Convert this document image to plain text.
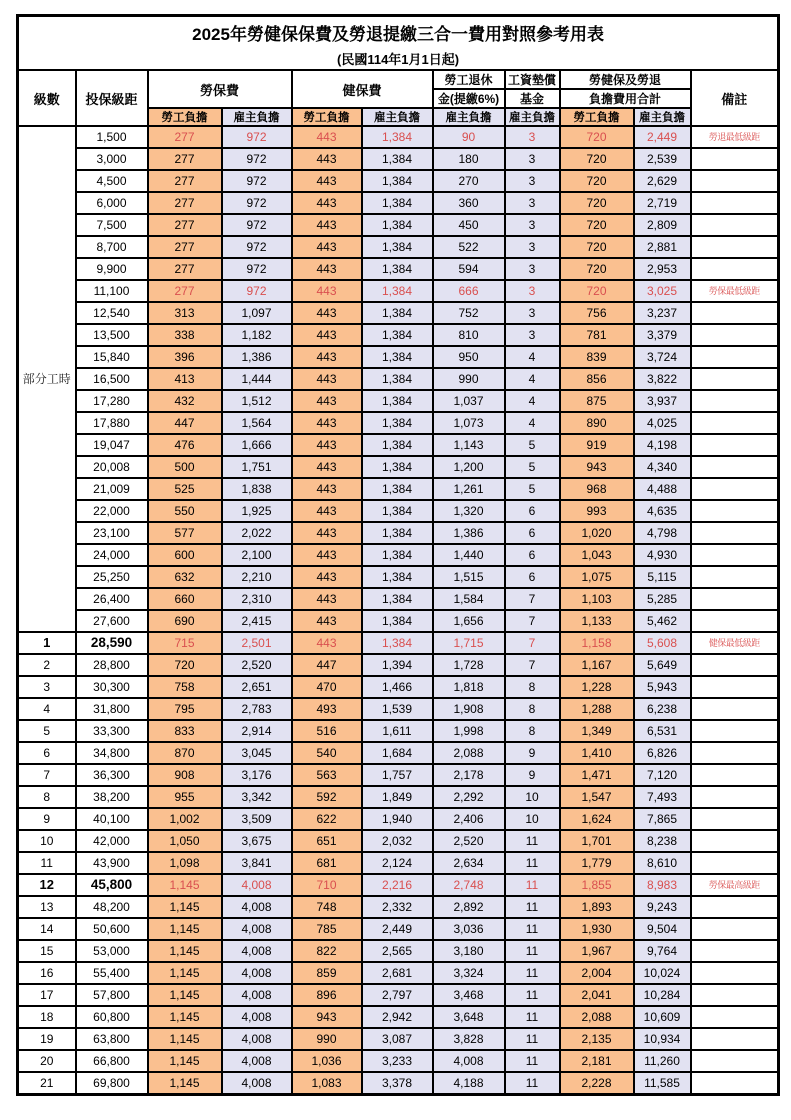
2025年勞健保保費及勞退提繳三合一費用對照參考用表										
(民國114年1月1日起)										
級數	投保級距	勞保費		健保費		勞工退休	工資墊償	勞健保及勞退		備註
						金(提繳6%)	基金	負擔費用合計		
		勞工負擔	雇主負擔	勞工負擔	雇主負擔	雇主負擔	雇主負擔	勞工負擔	雇主負擔	
部分工時	1,500	277	972	443	1,384	90	3	720	2,449	勞退最低級距
	3,000	277	972	443	1,384	180	3	720	2,539	
	4,500	277	972	443	1,384	270	3	720	2,629	
	6,000	277	972	443	1,384	360	3	720	2,719	
	7,500	277	972	443	1,384	450	3	720	2,809	
	8,700	277	972	443	1,384	522	3	720	2,881	
	9,900	277	972	443	1,384	594	3	720	2,953	
	11,100	277	972	443	1,384	666	3	720	3,025	勞保最低級距
	12,540	313	1,097	443	1,384	752	3	756	3,237	
	13,500	338	1,182	443	1,384	810	3	781	3,379	
	15,840	396	1,386	443	1,384	950	4	839	3,724	
	16,500	413	1,444	443	1,384	990	4	856	3,822	
	17,280	432	1,512	443	1,384	1,037	4	875	3,937	
	17,880	447	1,564	443	1,384	1,073	4	890	4,025	
	19,047	476	1,666	443	1,384	1,143	5	919	4,198	
	20,008	500	1,751	443	1,384	1,200	5	943	4,340	
	21,009	525	1,838	443	1,384	1,261	5	968	4,488	
	22,000	550	1,925	443	1,384	1,320	6	993	4,635	
	23,100	577	2,022	443	1,384	1,386	6	1,020	4,798	
	24,000	600	2,100	443	1,384	1,440	6	1,043	4,930	
	25,250	632	2,210	443	1,384	1,515	6	1,075	5,115	
	26,400	660	2,310	443	1,384	1,584	7	1,103	5,285	
	27,600	690	2,415	443	1,384	1,656	7	1,133	5,462	
1	28,590	715	2,501	443	1,384	1,715	7	1,158	5,608	健保最低級距
2	28,800	720	2,520	447	1,394	1,728	7	1,167	5,649	
3	30,300	758	2,651	470	1,466	1,818	8	1,228	5,943	
4	31,800	795	2,783	493	1,539	1,908	8	1,288	6,238	
5	33,300	833	2,914	516	1,611	1,998	8	1,349	6,531	
6	34,800	870	3,045	540	1,684	2,088	9	1,410	6,826	
7	36,300	908	3,176	563	1,757	2,178	9	1,471	7,120	
8	38,200	955	3,342	592	1,849	2,292	10	1,547	7,493	
9	40,100	1,002	3,509	622	1,940	2,406	10	1,624	7,865	
10	42,000	1,050	3,675	651	2,032	2,520	11	1,701	8,238	
11	43,900	1,098	3,841	681	2,124	2,634	11	1,779	8,610	
12	45,800	1,145	4,008	710	2,216	2,748	11	1,855	8,983	勞保最高級距
13	48,200	1,145	4,008	748	2,332	2,892	11	1,893	9,243	
14	50,600	1,145	4,008	785	2,449	3,036	11	1,930	9,504	
15	53,000	1,145	4,008	822	2,565	3,180	11	1,967	9,764	
16	55,400	1,145	4,008	859	2,681	3,324	11	2,004	10,024	
17	57,800	1,145	4,008	896	2,797	3,468	11	2,041	10,284	
18	60,800	1,145	4,008	943	2,942	3,648	11	2,088	10,609	
19	63,800	1,145	4,008	990	3,087	3,828	11	2,135	10,934	
20	66,800	1,145	4,008	1,036	3,233	4,008	11	2,181	11,260	
21	69,800	1,145	4,008	1,083	3,378	4,188	11	2,228	11,585	
